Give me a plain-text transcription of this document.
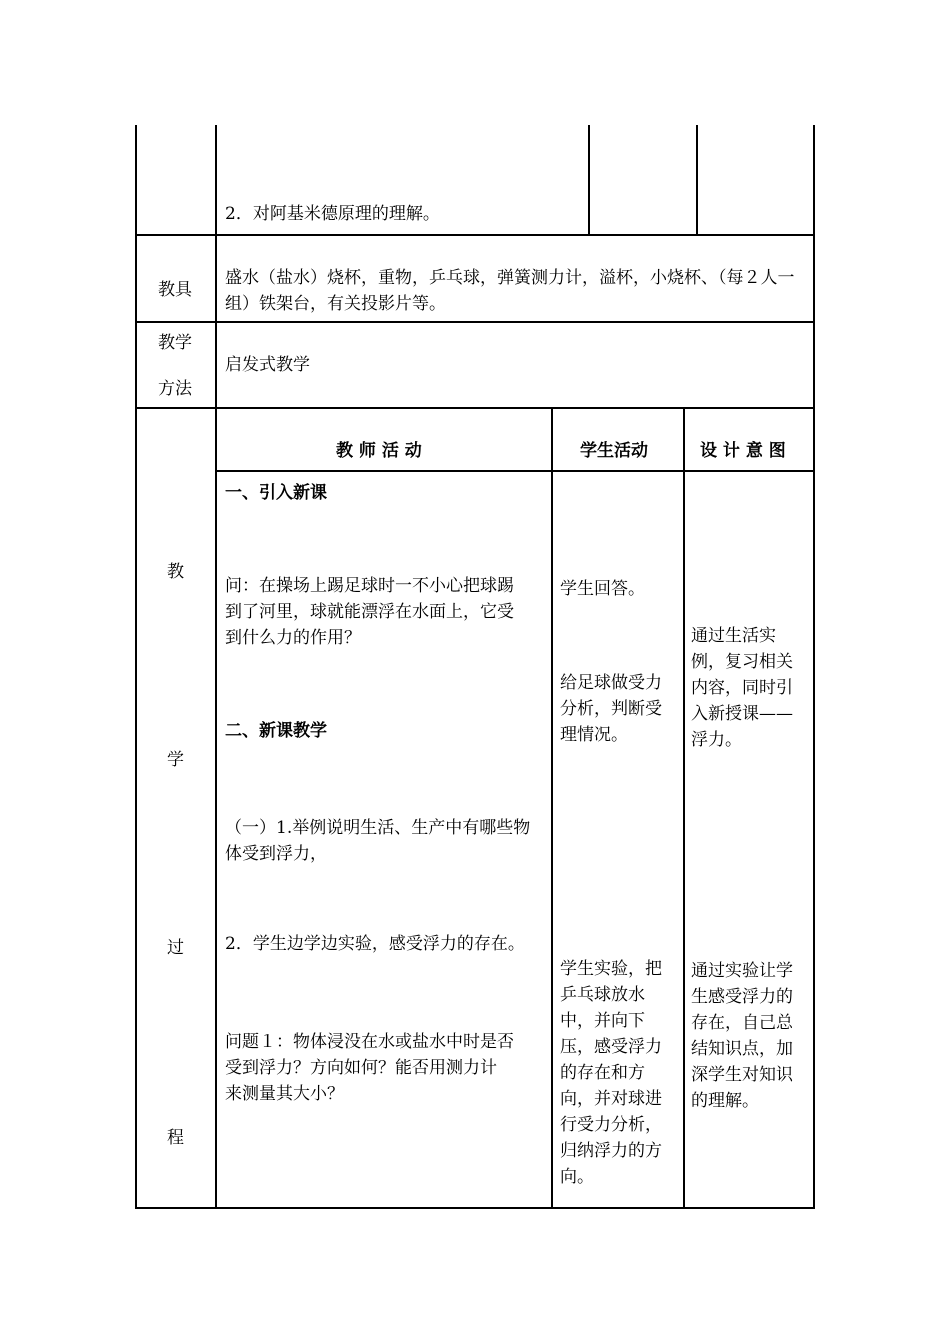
2．对阿基米德原理的理解。
教具
盛水（盐水）烧杯，重物，乒乓球，弹簧测力计，溢杯，小烧杯、（每２人一
组）铁架台，有关投影片等。
教学
方法
启发式教学
教
学
过
程
教 师 活 动	学生活动	设 计 意 图
一、引入新课
问：在操场上踢足球时一不小心把球踢
到了河里，球就能漂浮在水面上，它受
到什么力的作用？
二、新课教学
（一）1.举例说明生活、生产中有哪些物
体受到浮力，
2．学生边学边实验，感受浮力的存在。
问题１：物体浸没在水或盐水中时是否
受到浮力？方向如何？能否用测力计
来测量其大小？
学生回答。
给足球做受力
分析，判断受
理情况。
学生实验，把
乒乓球放水
中，并向下
压，感受浮力
的存在和方
向，并对球进
行受力分析，
归纳浮力的方
向。
通过生活实
例，复习相关
内容，同时引
入新授课——
浮力。
通过实验让学
生感受浮力的
存在，自己总
结知识点，加
深学生对知识
的理解。
